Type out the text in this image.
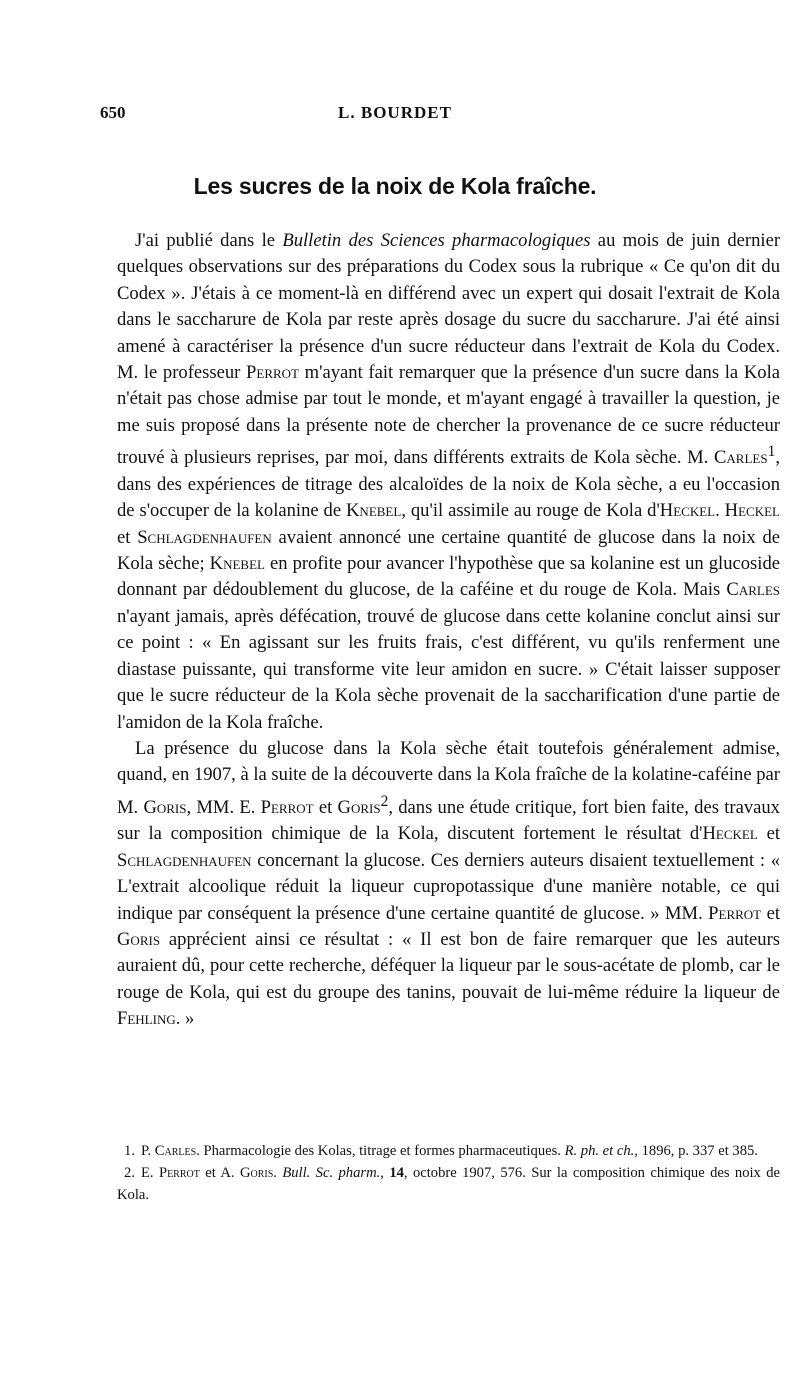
650	L. BOURDET
Les sucres de la noix de Kola fraîche.

J'ai publié dans le Bulletin des Sciences pharmacologiques au mois de juin dernier quelques observations sur des préparations du Codex sous la rubrique « Ce qu'on dit du Codex ». J'étais à ce moment-là en différend avec un expert qui dosait l'extrait de Kola dans le saccharure de Kola par reste après dosage du sucre du saccharure. J'ai été ainsi amené à caractériser la présence d'un sucre réducteur dans l'extrait de Kola du Codex. M. le professeur Perrot m'ayant fait remarquer que la présence d'un sucre dans la Kola n'était pas chose admise par tout le monde, et m'ayant engagé à travailler la question, je me suis proposé dans la présente note de chercher la provenance de ce sucre réducteur trouvé à plusieurs reprises, par moi, dans différents extraits de Kola sèche. M. Carles$^1$, dans des expériences de titrage des alcaloïdes de la noix de Kola sèche, a eu l'occasion de s'occuper de la kolanine de Knebel, qu'il assimile au rouge de Kola d'Heckel. Heckel et Schlagdenhaufen avaient annoncé une certaine quantité de glucose dans la noix de Kola sèche; Knebel en profite pour avancer l'hypothèse que sa kolanine est un glucoside donnant par dédoublement du glucose, de la caféine et du rouge de Kola. Mais Carles n'ayant jamais, après défécation, trouvé de glucose dans cette kolanine conclut ainsi sur ce point : « En agissant sur les fruits frais, c'est différent, vu qu'ils renferment une diastase puissante, qui transforme vite leur amidon en sucre. » C'était laisser supposer que le sucre réducteur de la Kola sèche provenait de la saccharification d'une partie de l'amidon de la Kola fraîche.

La présence du glucose dans la Kola sèche était toutefois généralement admise, quand, en 1907, à la suite de la découverte dans la Kola fraîche de la kolatine-caféine par M. Goris, MM. E. Perrot et Goris$^2$, dans une étude critique, fort bien faite, des travaux sur la composition chimique de la Kola, discutent fortement le résultat d'Heckel et Schlagdenhaufen concernant la glucose. Ces derniers auteurs disaient textuellement : « L'extrait alcoolique réduit la liqueur cupropotassique d'une manière notable, ce qui indique par conséquent la présence d'une certaine quantité de glucose. » MM. Perrot et Goris apprécient ainsi ce résultat : « Il est bon de faire remarquer que les auteurs auraient dû, pour cette recherche, déféquer la liqueur par le sous-acétate de plomb, car le rouge de Kola, qui est du groupe des tanins, pouvait de lui-même réduire la liqueur de Fehling. »

1. P. Carles. Pharmacologie des Kolas, titrage et formes pharmaceutiques. R. ph. et ch., 1896, p. 337 et 385.

2. E. Perrot et A. Goris. Bull. Sc. pharm., 14, octobre 1907, 576. Sur la composition chimique des noix de Kola.
